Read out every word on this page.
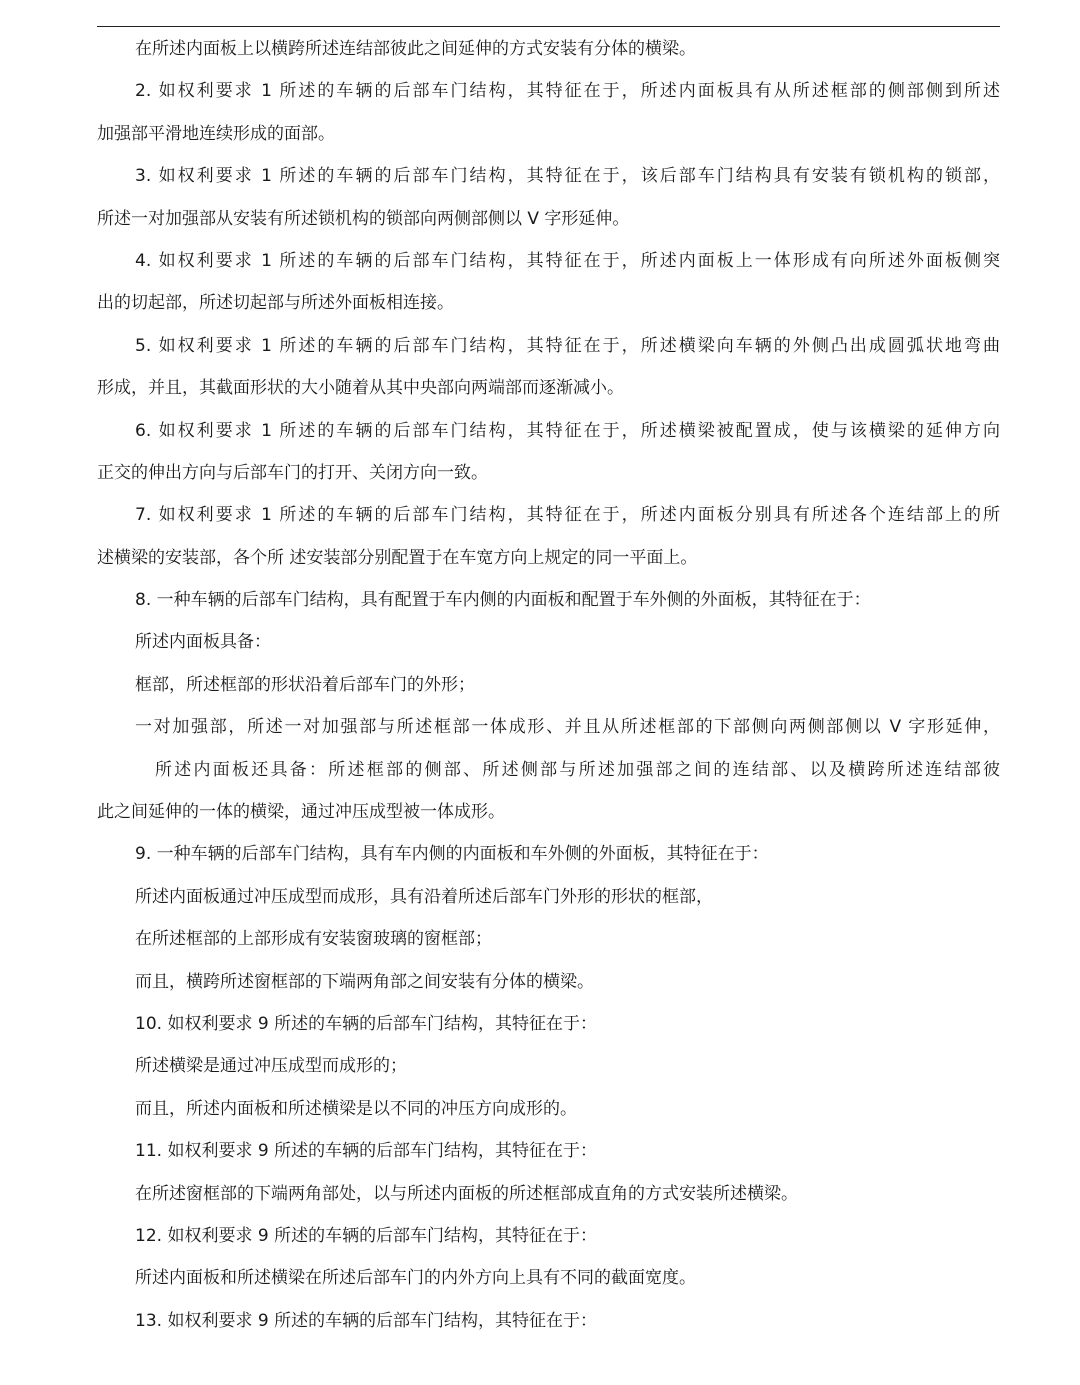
在所述内面板上以横跨所述连结部彼此之间延伸的方式安装有分体的横梁。
2. 如权利要求 1 所述的车辆的后部车门结构，其特征在于，所述内面板具有从所述框部的侧部侧到所述
加强部平滑地连续形成的面部。
3. 如权利要求 1 所述的车辆的后部车门结构，其特征在于，该后部车门结构具有安装有锁机构的锁部，
所述一对加强部从安装有所述锁机构的锁部向两侧部侧以 V 字形延伸。
4. 如权利要求 1 所述的车辆的后部车门结构，其特征在于，所述内面板上一体形成有向所述外面板侧突
出的切起部，所述切起部与所述外面板相连接。
5. 如权利要求 1 所述的车辆的后部车门结构，其特征在于，所述横梁向车辆的外侧凸出成圆弧状地弯曲
形成，并且，其截面形状的大小随着从其中央部向两端部而逐渐减小。
6. 如权利要求 1 所述的车辆的后部车门结构，其特征在于，所述横梁被配置成，使与该横梁的延伸方向
正交的伸出方向与后部车门的打开、关闭方向一致。
7. 如权利要求 1 所述的车辆的后部车门结构，其特征在于，所述内面板分别具有所述各个连结部上的所
述横梁的安装部，各个所 述安装部分别配置于在车宽方向上规定的同一平面上。
8. 一种车辆的后部车门结构，具有配置于车内侧的内面板和配置于车外侧的外面板，其特征在于：
所述内面板具备：
框部，所述框部的形状沿着后部车门的外形；
一对加强部，所述一对加强部与所述框部一体成形、并且从所述框部的下部侧向两侧部侧以 V 字形延伸，
所述内面板还具备：所述框部的侧部、所述侧部与所述加强部之间的连结部、以及横跨所述连结部彼
此之间延伸的一体的横梁，通过冲压成型被一体成形。
9. 一种车辆的后部车门结构，具有车内侧的内面板和车外侧的外面板，其特征在于：
所述内面板通过冲压成型而成形，具有沿着所述后部车门外形的形状的框部，
在所述框部的上部形成有安装窗玻璃的窗框部；
而且，横跨所述窗框部的下端两角部之间安装有分体的横梁。
10. 如权利要求 9 所述的车辆的后部车门结构，其特征在于：
所述横梁是通过冲压成型而成形的；
而且，所述内面板和所述横梁是以不同的冲压方向成形的。
11. 如权利要求 9 所述的车辆的后部车门结构，其特征在于：
在所述窗框部的下端两角部处，以与所述内面板的所述框部成直角的方式安装所述横梁。
12. 如权利要求 9 所述的车辆的后部车门结构，其特征在于：
所述内面板和所述横梁在所述后部车门的内外方向上具有不同的截面宽度。
13. 如权利要求 9 所述的车辆的后部车门结构，其特征在于：
